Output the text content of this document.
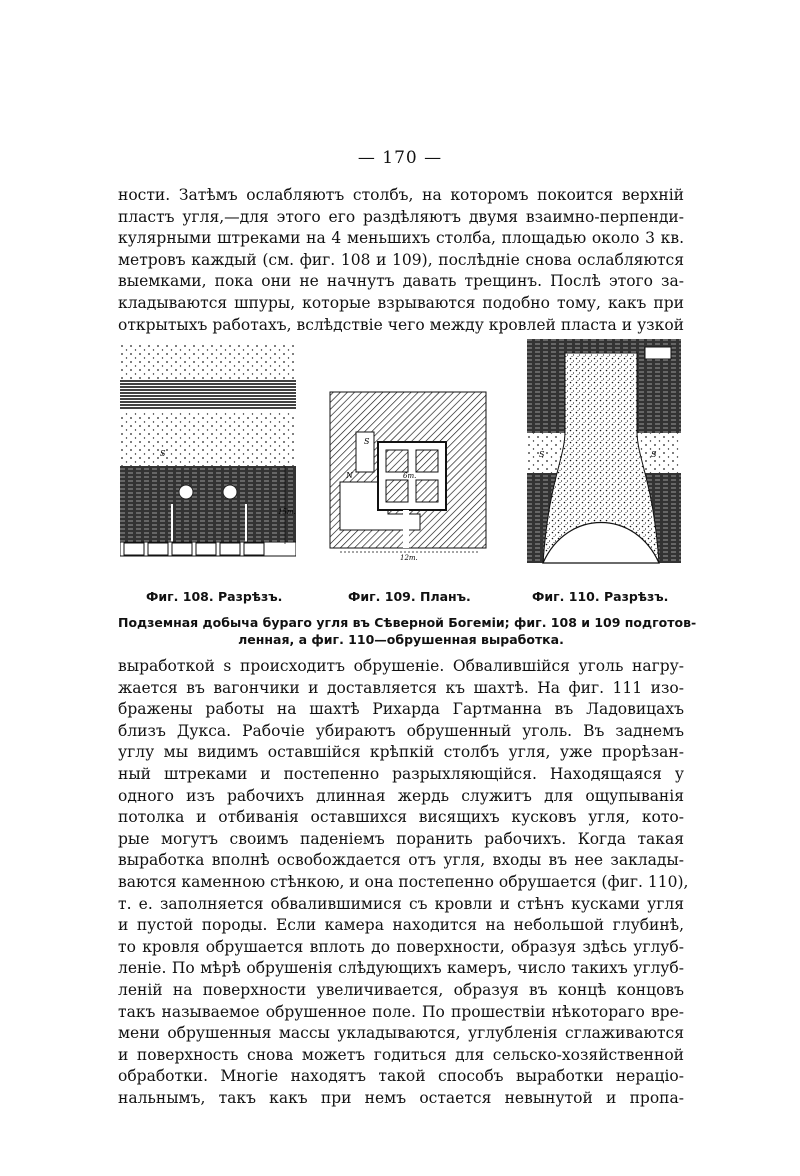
— 170 —
ности. Затѣмъ ослабляютъ столбъ, на которомъ покоится верхній
пластъ угля,—для этого его раздѣляютъ двумя взаимно-перпенди-
кулярными штреками на 4 меньшихъ столба, площадью около 3 кв.
метровъ каждый (см. фиг. 108 и 109), послѣдніе снова ослабляются
выемками, пока они не начнутъ давать трещинъ. Послѣ этого за-
кладываются шпуры, которые взрываются подобно тому, какъ при
открытыхъ работахъ, вслѣдствіе чего между кровлей пласта и узкой
15m.
S
S
N	6m.
12m.
S	S
Фиг. 108. Разрѣзъ.	Фиг. 109. Планъ.	Фиг. 110. Разрѣзъ.
Подземная добыча бураго угля въ Сѣверной Богеміи; фиг. 108 и 109 подготов-
ленная, а фиг. 110—обрушенная выработка.
выработкой s происходитъ обрушеніе. Обвалившійся уголь нагру-
жается въ вагончики и доставляется къ шахтѣ. На фиг. 111 изо-
бражены работы на шахтѣ Рихарда Гартманна въ Ладовицахъ
близъ Дукса. Рабочіе убираютъ обрушенный уголь. Въ заднемъ
углу мы видимъ оставшійся крѣпкій столбъ угля, уже прорѣзан-
ный штреками и постепенно разрыхляющійся. Находящаяся у
одного изъ рабочихъ длинная жердь служитъ для ощупыванія
потолка и отбиванія оставшихся висящихъ кусковъ угля, кото-
рые могутъ своимъ паденіемъ поранить рабочихъ. Когда такая
выработка вполнѣ освобождается отъ угля, входы въ нее заклады-
ваются каменною стѣнкою, и она постепенно обрушается (фиг. 110),
т. е. заполняется обвалившимися съ кровли и стѣнъ кусками угля
и пустой породы. Если камера находится на небольшой глубинѣ,
то кровля обрушается вплоть до поверхности, образуя здѣсь углуб-
леніе. По мѣрѣ обрушенія слѣдующихъ камеръ, число такихъ углуб-
леній на поверхности увеличивается, образуя въ концѣ концовъ
такъ называемое обрушенное поле. По прошествіи нѣкотораго вре-
мени обрушенныя массы укладываются, углубленія сглаживаются
и поверхность снова можетъ годиться для сельско-хозяйственной
обработки. Многіе находятъ такой способъ выработки нераціо-
нальнымъ, такъ какъ при немъ остается невынутой и пропа-
